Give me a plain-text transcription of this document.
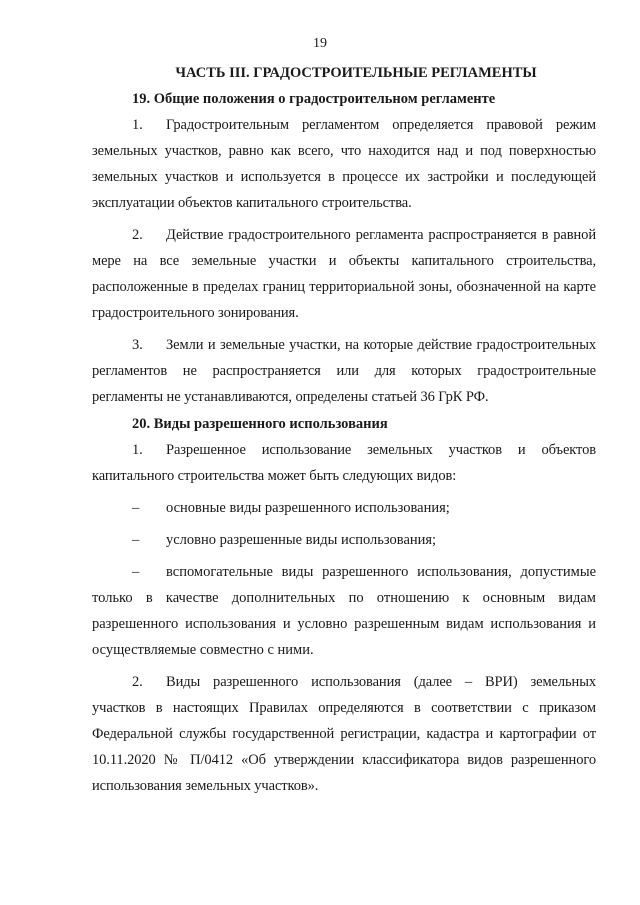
19

ЧАСТЬ III. ГРАДОСТРОИТЕЛЬНЫЕ РЕГЛАМЕНТЫ

19. Общие положения о градостроительном регламенте

1. Градостроительным регламентом определяется правовой режим земельных участков, равно как всего, что находится над и под поверхностью земельных участков и используется в процессе их застройки и последующей эксплуатации объектов капитального строительства.

2. Действие градостроительного регламента распространяется в равной мере на все земельные участки и объекты капитального строительства, расположенные в пределах границ территориальной зоны, обозначенной на карте градостроительного зонирования.

3. Земли и земельные участки, на которые действие градостроительных регламентов не распространяется или для которых градостроительные регламенты не устанавливаются, определены статьей 36 ГрК РФ.

20. Виды разрешенного использования

1. Разрешенное использование земельных участков и объектов капитального строительства может быть следующих видов:

– основные виды разрешенного использования;

– условно разрешенные виды использования;

– вспомогательные виды разрешенного использования, допустимые только в качестве дополнительных по отношению к основным видам разрешенного использования и условно разрешенным видам использования и осуществляемые совместно с ними.

2. Виды разрешенного использования (далее – ВРИ) земельных участков в настоящих Правилах определяются в соответствии с приказом Федеральной службы государственной регистрации, кадастра и картографии от 10.11.2020 № П/0412 «Об утверждении классификатора видов разрешенного использования земельных участков».
